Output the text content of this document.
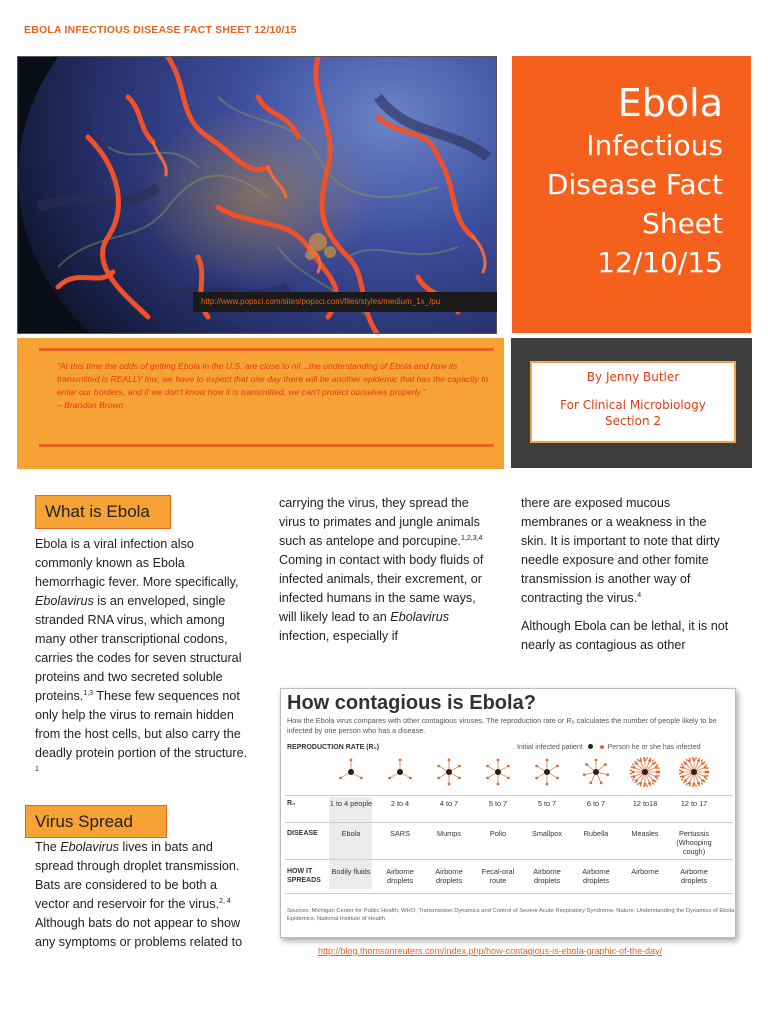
EBOLA INFECTIOUS DISEASE FACT SHEET 12/10/15
http://www.popsci.com/sites/popsci.com/files/styles/medium_1x_/pu
Ebola
Infectious
Disease Fact
Sheet
12/10/15
"At this time the odds of getting Ebola in the U.S. are close to nil…the understanding of Ebola and how its transmitted is REALLY low, we have to expect that one day there will be another epidemic that has the capacity to enter our borders, and if we don't know how it is transmitted, we can't protect ourselves properly."
– Brandon Brown
By Jenny Butler
For Clinical Microbiology
Section 2
What is Ebola

Ebola is a viral infection also commonly known as Ebola hemorrhagic fever. More specifically, Ebolavirus is an enveloped, single stranded RNA virus, which among many other transcriptional codons, carries the codes for seven structural proteins and two secreted soluble proteins.$^{1,3}$ These few sequences not only help the virus to remain hidden from the host cells, but also carry the deadly protein portion of the structure. $^1$

Virus Spread

The Ebolavirus lives in bats and spread through droplet transmission. Bats are considered to be both a vector and reservoir for the virus.$^{2, 4}$ Although bats do not appear to show any symptoms or problems related to

carrying the virus, they spread the virus to primates and jungle animals such as antelope and porcupine.$^{1,2,3,4}$ Coming in contact with body fluids of infected animals, their excrement, or infected humans in the same ways, will likely lead to an Ebolavirus infection, especially if

there are exposed mucous membranes or a weakness in the skin. It is important to note that dirty needle exposure and other fomite transmission is another way of contracting the virus.$^4$

Although Ebola can be lethal, it is not nearly as contagious as other

How contagious is Ebola?
How the Ebola virus compares with other contagious viruses. The reproduction rate or R₀ calculates the number of people likely to be infected by one person who has a disease.
REPRODUCTION RATE (R₀)	Initial infected patient	Person he or she has infected
R₀
DISEASE
HOW IT
SPREADS
1 to 4 people
Ebola
Bodily fluids
2 to 4
SARS
Airborne droplets
4 to 7
Mumps
Airborne droplets
5 to 7
Polio
Fecal-oral route
5 to 7
Smallpox
Airborne droplets
6 to 7
Rubella
Airborne droplets
12 to18
Measles
Airborne
12 to 17
Pertussis (Whooping cough)
Airborne droplets
Sources: Michigan Center for Public Health; WHO; Transmission Dynamics and Control of Severe Acute Respiratory Syndrome, Nature; Understanding the Dynamics of Ebola Epidemics, National Institute of Health
http://blog.thomsonreuters.com/index.php/how-contagious-is-ebola-graphic-of-the-day/
